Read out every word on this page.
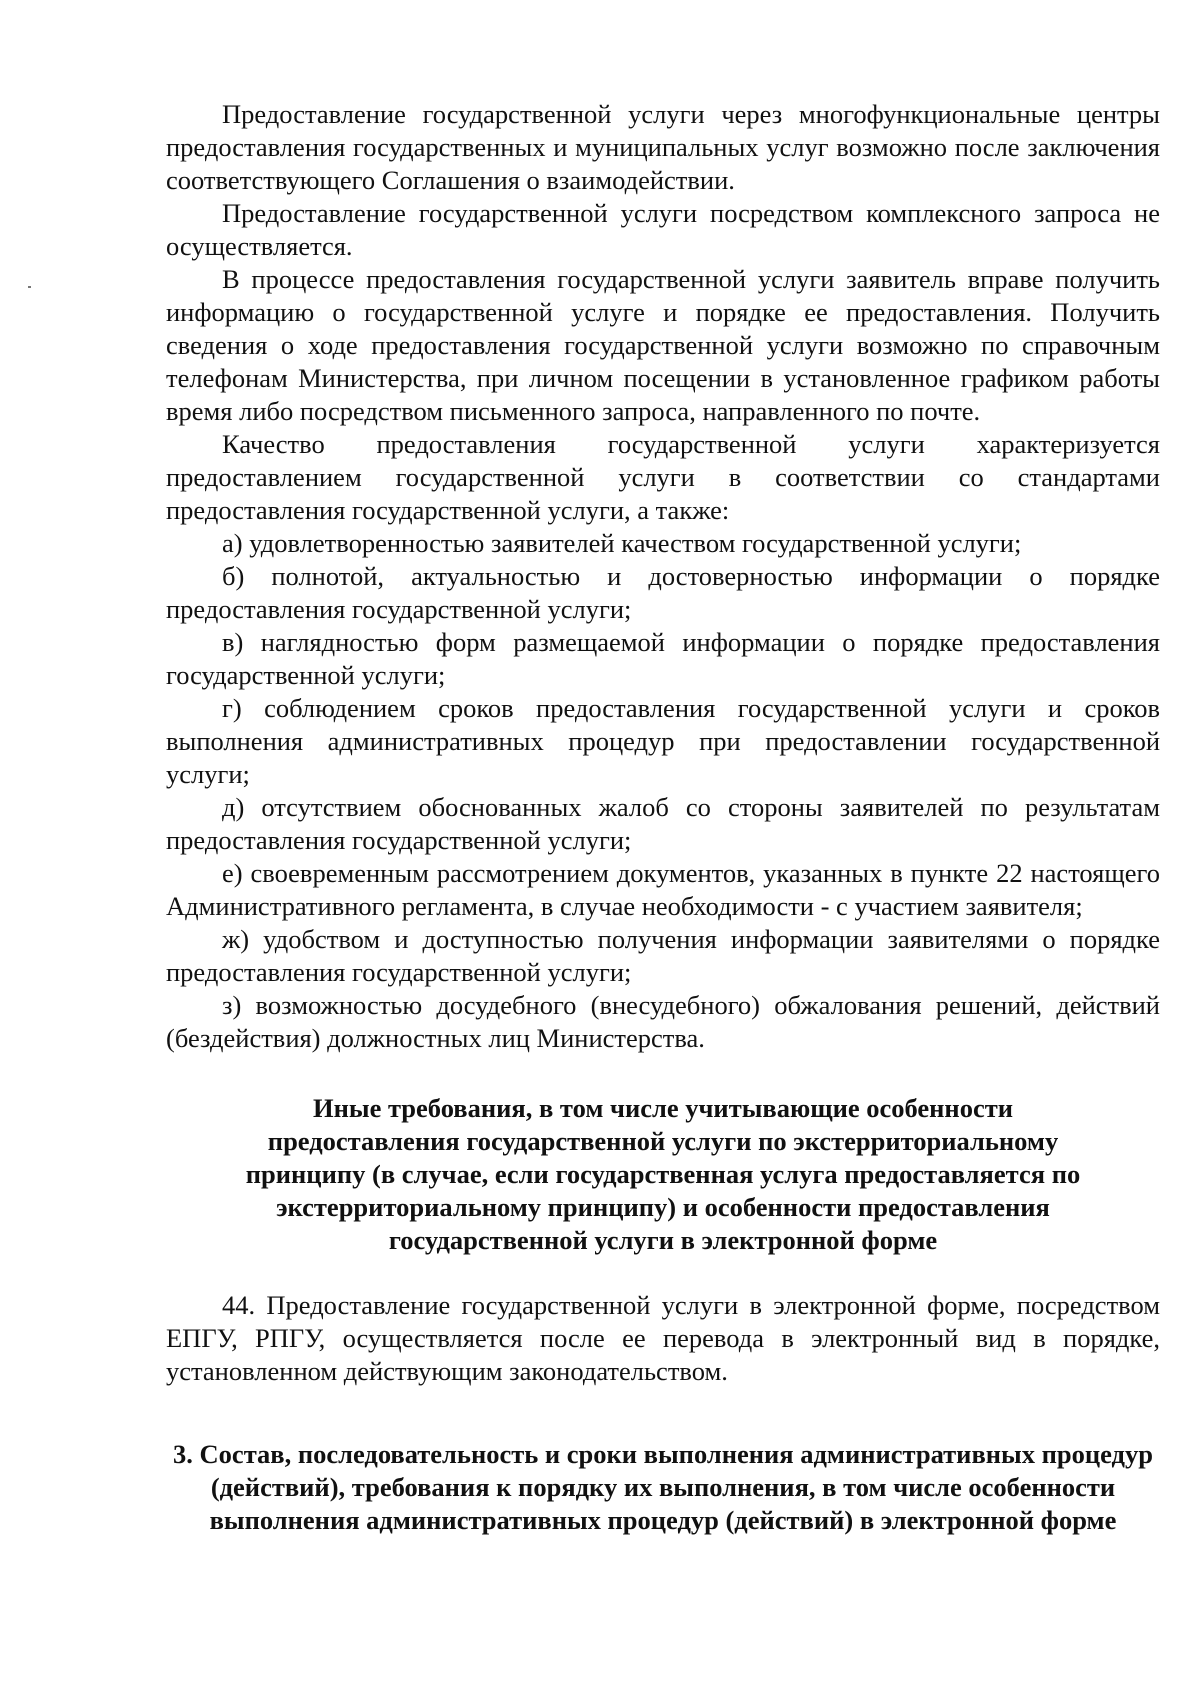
Предоставление государственной услуги через многофункциональные центры предоставления государственных и муниципальных услуг возможно после заключения соответствующего Соглашения о взаимодействии.

Предоставление государственной услуги посредством комплексного запроса не осуществляется.

В процессе предоставления государственной услуги заявитель вправе получить информацию о государственной услуге и порядке ее предоставления. Получить сведения о ходе предоставления государственной услуги возможно по справочным телефонам Министерства, при личном посещении в установленное графиком работы время либо посредством письменного запроса, направленного по почте.

Качество предоставления государственной услуги характеризуется предоставлением государственной услуги в соответствии со стандартами предоставления государственной услуги, а также:

а) удовлетворенностью заявителей качеством государственной услуги;

б) полнотой, актуальностью и достоверностью информации о порядке предоставления государственной услуги;

в) наглядностью форм размещаемой информации о порядке предоставления государственной услуги;

г) соблюдением сроков предоставления государственной услуги и сроков выполнения административных процедур при предоставлении государственной услуги;

д) отсутствием обоснованных жалоб со стороны заявителей по результатам предоставления государственной услуги;

е) своевременным рассмотрением документов, указанных в пункте 22 настоящего Административного регламента, в случае необходимости - с участием заявителя;

ж) удобством и доступностью получения информации заявителями о порядке предоставления государственной услуги;

з) возможностью досудебного (внесудебного) обжалования решений, действий (бездействия) должностных лиц Министерства.

Иные требования, в том числе учитывающие особенности предоставления государственной услуги по экстерриториальному принципу (в случае, если государственная услуга предоставляется по экстерриториальному принципу) и особенности предоставления государственной услуги в электронной форме

44. Предоставление государственной услуги в электронной форме, посредством ЕПГУ, РПГУ, осуществляется после ее перевода в электронный вид в порядке, установленном действующим законодательством.

3. Состав, последовательность и сроки выполнения административных процедур (действий), требования к порядку их выполнения, в том числе особенности выполнения административных процедур (действий) в электронной форме
